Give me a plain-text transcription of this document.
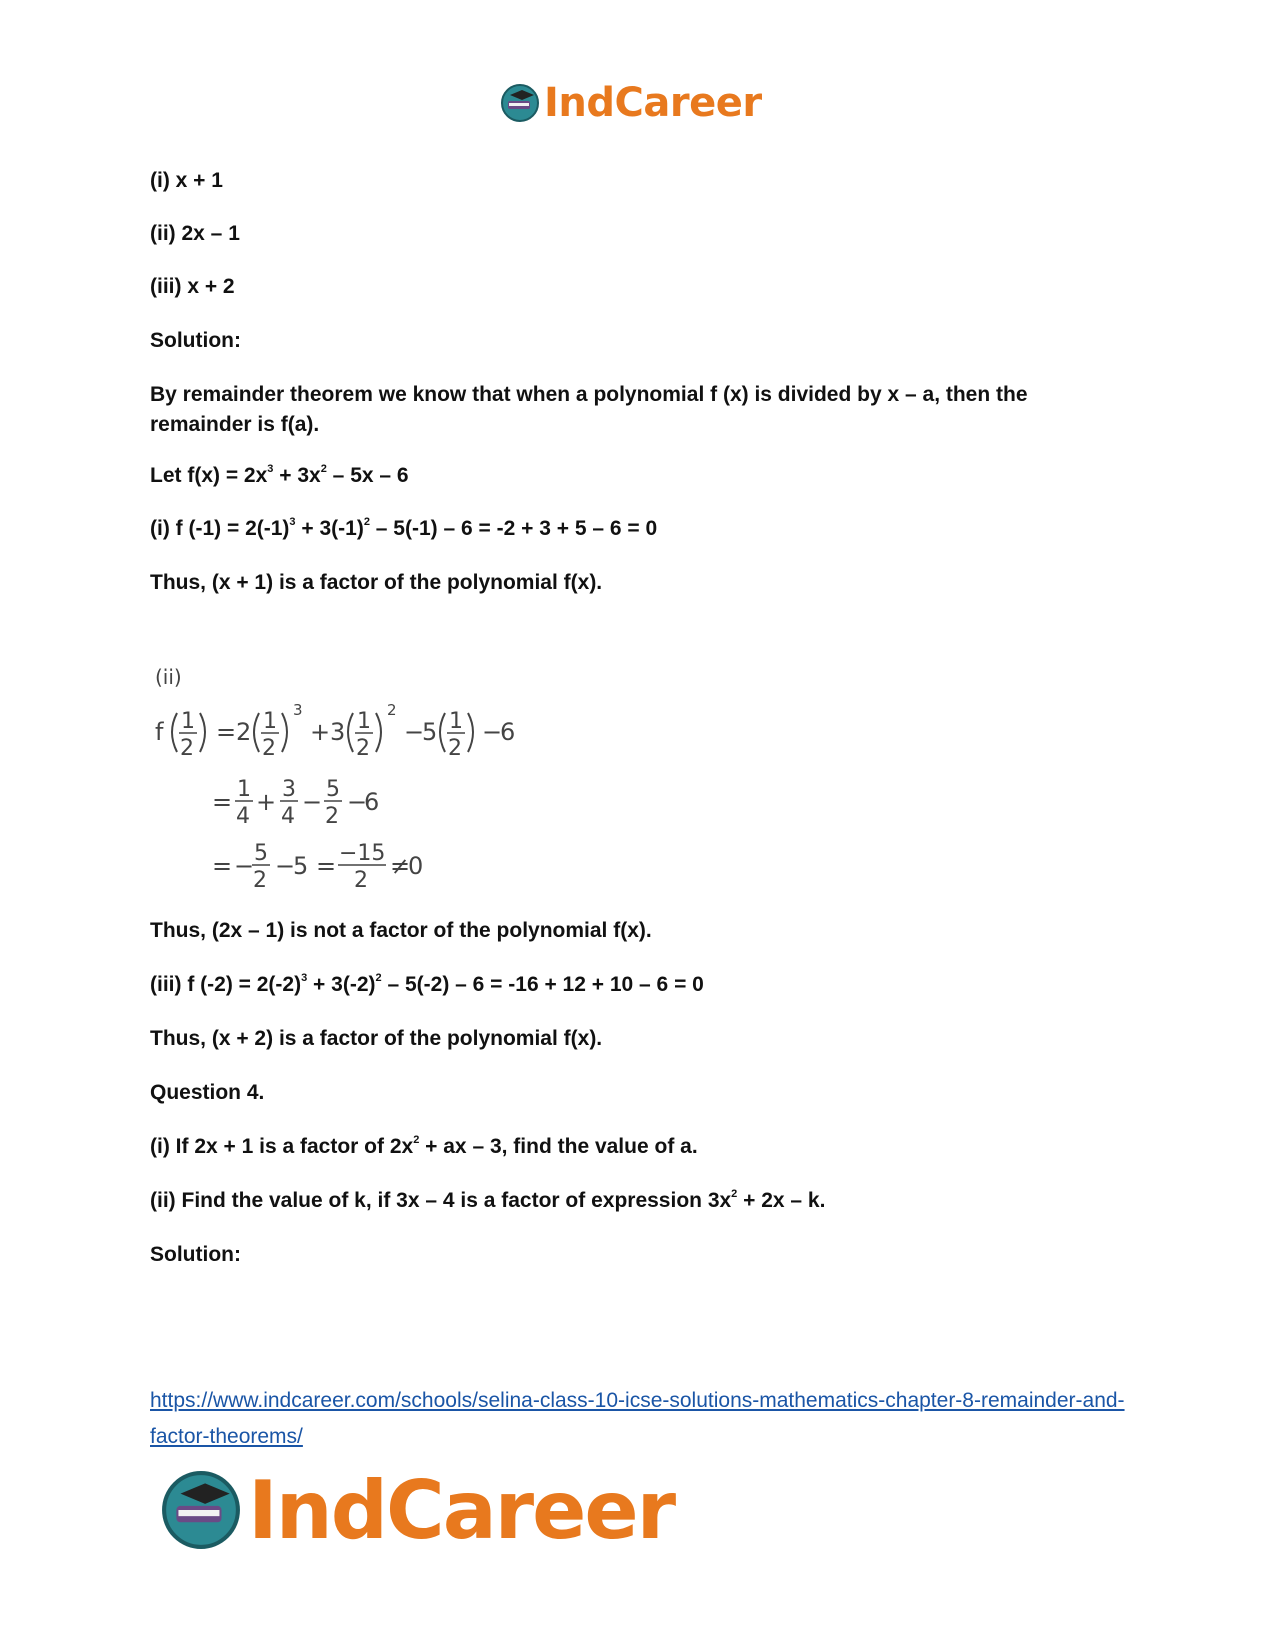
IndCareer
(i) x + 1
(ii) 2x – 1
(iii) x + 2
Solution:
By remainder theorem we know that when a polynomial f (x) is divided by x – a, then the remainder is f(a).
Let $f(x) = 2x^3 + 3x^2 - 5x - 6$
(i) f $(-1) = 2(-1)^3 + 3(-1)^2 - 5(-1) - 6 = -2 + 3 + 5 - 6 = 0$
Thus, (x + 1) is a factor of the polynomial f(x).
Thus, (2x – 1) is not a factor of the polynomial f(x).
(iii) f $(-2) = 2(-2)^3 + 3(-2)^2 - 5(-2) - 6 = -16 + 12 + 10 - 6 = 0$
Thus, (x + 2) is a factor of the polynomial f(x).
Question 4.
(i) If 2x + 1 is a factor of $2x^2$ + ax – 3, find the value of a.
(ii) Find the value of k, if 3x – 4 is a factor of expression $3x^2 + 2x - k$.
Solution:
(ii)
f 1
2
= 2 1
2
3
+ 3 1
2
2
−
5 1
2
−
6
= 1
4
+ 3
4
− 5
2
−
6
= − 5
2
−
5 = −15
2
≠
0
https://www.indcareer.com/schools/selina-class-10-icse-solutions-mathematics-chapter-8-remainder-and-factor-theorems/
IndCareer
